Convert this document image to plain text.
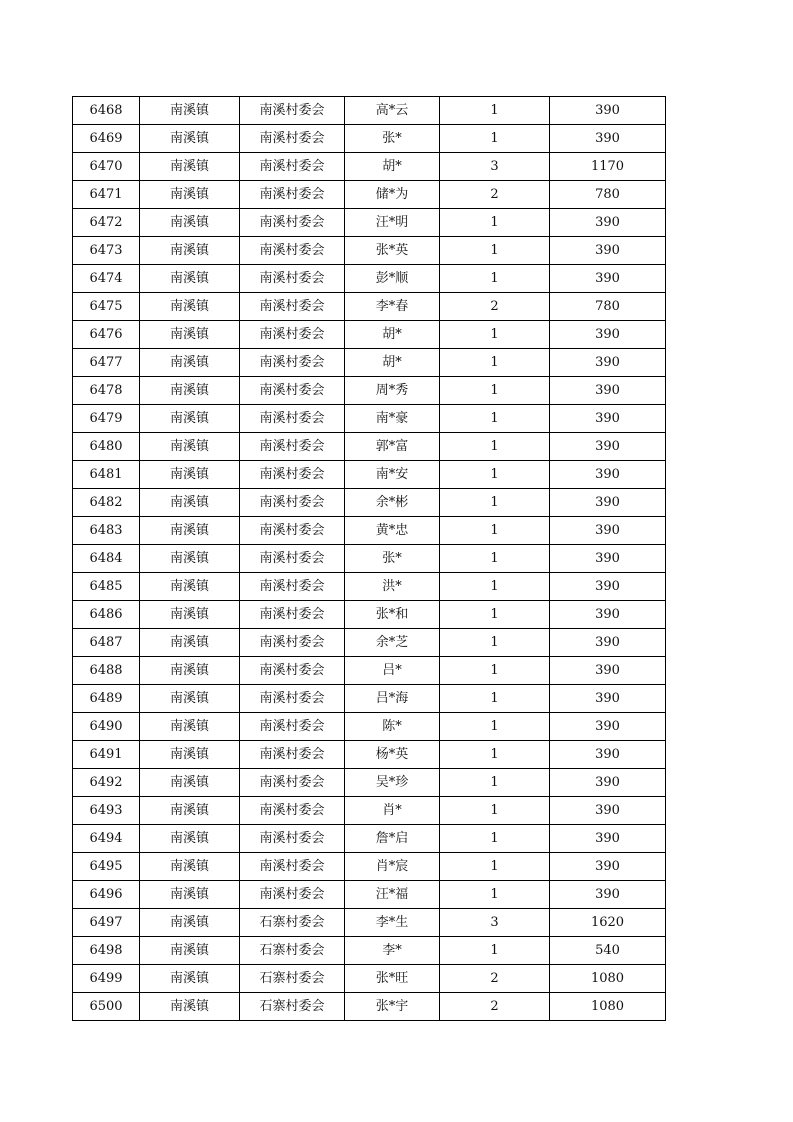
6468	南溪镇	南溪村委会	高*云	1	390
6469	南溪镇	南溪村委会	张*	1	390
6470	南溪镇	南溪村委会	胡*	3	1170
6471	南溪镇	南溪村委会	储*为	2	780
6472	南溪镇	南溪村委会	汪*明	1	390
6473	南溪镇	南溪村委会	张*英	1	390
6474	南溪镇	南溪村委会	彭*顺	1	390
6475	南溪镇	南溪村委会	李*春	2	780
6476	南溪镇	南溪村委会	胡*	1	390
6477	南溪镇	南溪村委会	胡*	1	390
6478	南溪镇	南溪村委会	周*秀	1	390
6479	南溪镇	南溪村委会	南*豪	1	390
6480	南溪镇	南溪村委会	郭*富	1	390
6481	南溪镇	南溪村委会	南*安	1	390
6482	南溪镇	南溪村委会	余*彬	1	390
6483	南溪镇	南溪村委会	黄*忠	1	390
6484	南溪镇	南溪村委会	张*	1	390
6485	南溪镇	南溪村委会	洪*	1	390
6486	南溪镇	南溪村委会	张*和	1	390
6487	南溪镇	南溪村委会	余*芝	1	390
6488	南溪镇	南溪村委会	吕*	1	390
6489	南溪镇	南溪村委会	吕*海	1	390
6490	南溪镇	南溪村委会	陈*	1	390
6491	南溪镇	南溪村委会	杨*英	1	390
6492	南溪镇	南溪村委会	吴*珍	1	390
6493	南溪镇	南溪村委会	肖*	1	390
6494	南溪镇	南溪村委会	詹*启	1	390
6495	南溪镇	南溪村委会	肖*宸	1	390
6496	南溪镇	南溪村委会	汪*福	1	390
6497	南溪镇	石寨村委会	李*生	3	1620
6498	南溪镇	石寨村委会	李*	1	540
6499	南溪镇	石寨村委会	张*旺	2	1080
6500	南溪镇	石寨村委会	张*宇	2	1080
